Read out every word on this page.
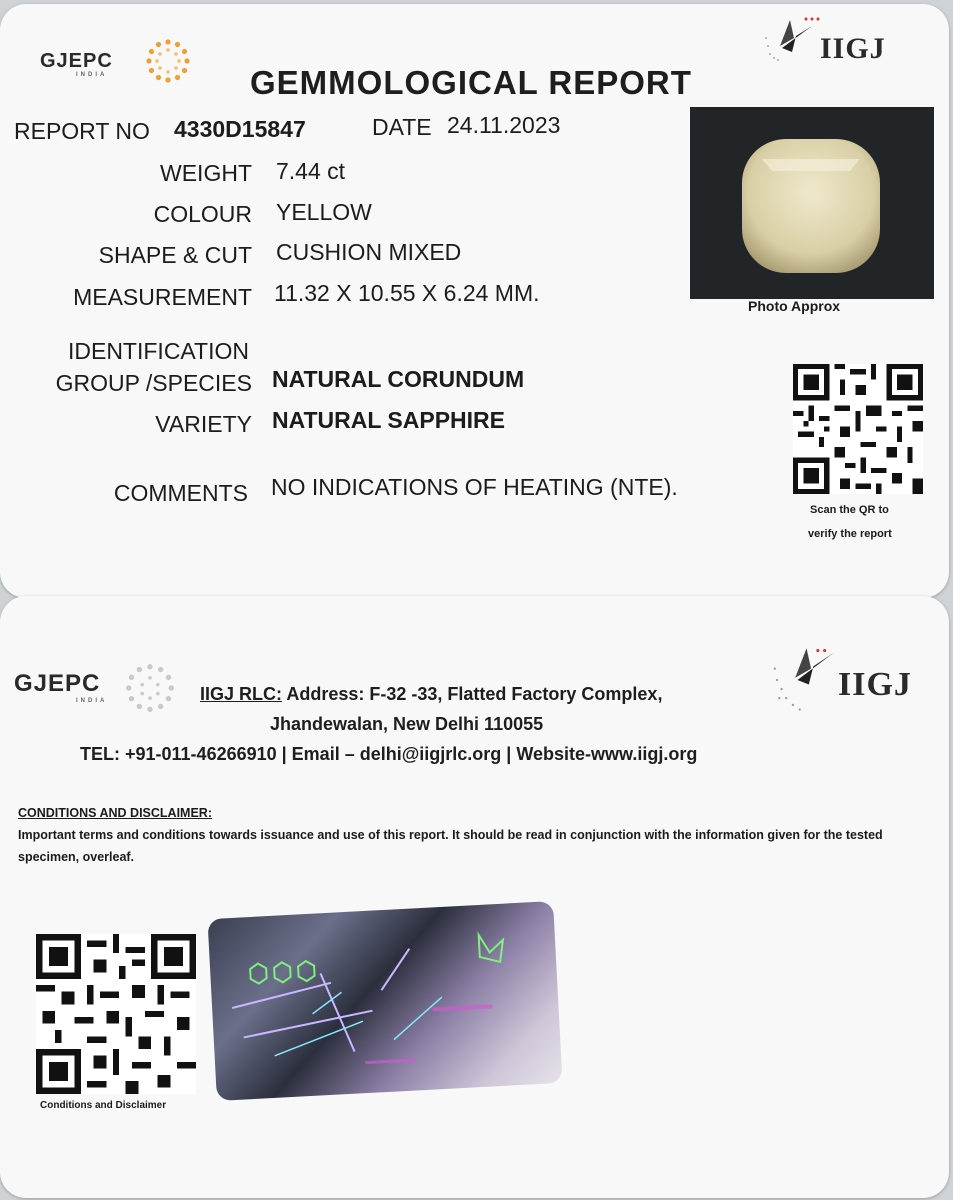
GJEPC
INDIA
IIGJ
GEMMOLOGICAL REPORT
REPORT NO 4330D15847	DATE 24.11.2023
WEIGHT 7.44 ct
COLOUR YELLOW
SHAPE & CUT CUSHION MIXED
MEASUREMENT 11.32 X 10.55 X 6.24 MM.
IDENTIFICATION
GROUP /SPECIES NATURAL CORUNDUM
VARIETY NATURAL SAPPHIRE
COMMENTS NO INDICATIONS OF HEATING (NTE).
Photo Approx
Scan the QR to
verify the report
GJEPC
INDIA	IIGJ
IIGJ RLC: Address: F-32 -33, Flatted Factory Complex,
Jhandewalan, New Delhi 110055
TEL: +91-011-46266910 | Email – delhi@iigjrlc.org | Website-www.iigj.org
CONDITIONS AND DISCLAIMER:
Important terms and conditions towards issuance and use of this report. It should be read in conjunction with the information given for the tested specimen, overleaf.
Conditions and Disclaimer
